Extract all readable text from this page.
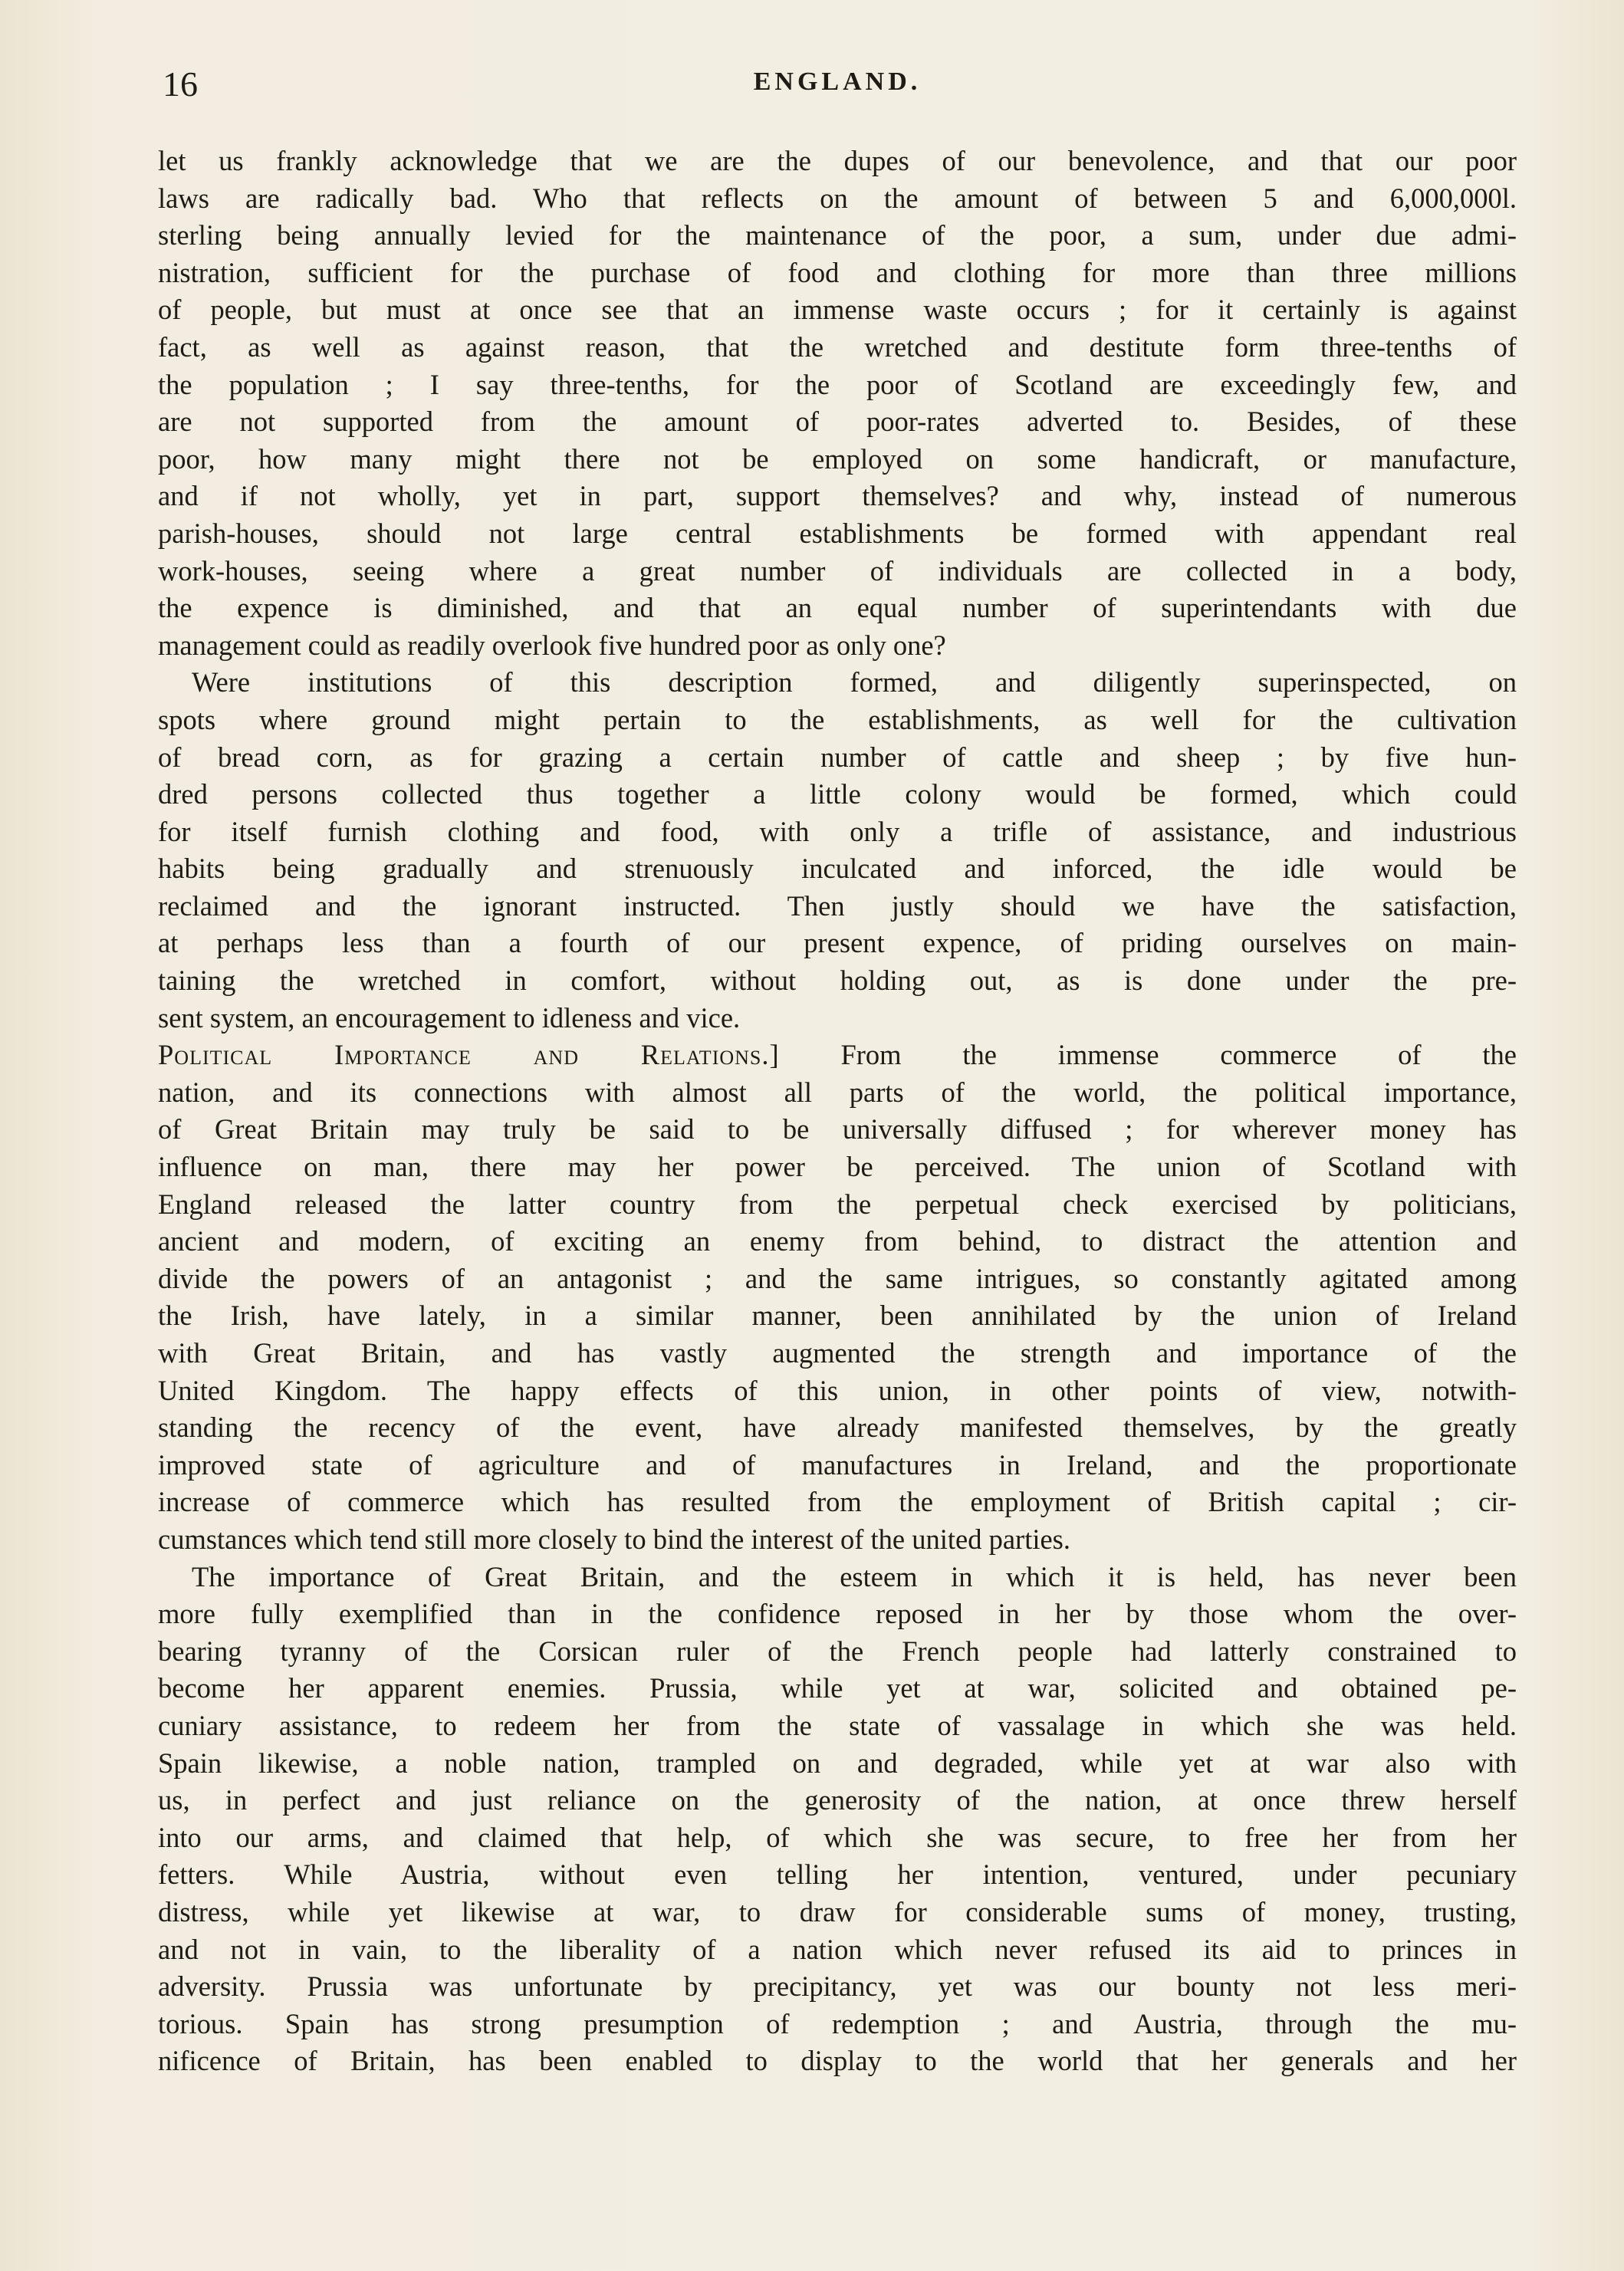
16	ENGLAND.
let us frankly acknowledge that we are the dupes of our benevolence, and that our poor
laws are radically bad. Who that reflects on the amount of between 5 and 6,000,000l.
sterling being annually levied for the maintenance of the poor, a sum, under due admi-
nistration, sufficient for the purchase of food and clothing for more than three millions
of people, but must at once see that an immense waste occurs ; for it certainly is against
fact, as well as against reason, that the wretched and destitute form three-tenths of
the population ; I say three-tenths, for the poor of Scotland are exceedingly few, and
are not supported from the amount of poor-rates adverted to. Besides, of these
poor, how many might there not be employed on some handicraft, or manufacture,
and if not wholly, yet in part, support themselves? and why, instead of numerous
parish-houses, should not large central establishments be formed with appendant real
work-houses, seeing where a great number of individuals are collected in a body,
the expence is diminished, and that an equal number of superintendants with due
management could as readily overlook five hundred poor as only one?
Were institutions of this description formed, and diligently superinspected, on
spots where ground might pertain to the establishments, as well for the cultivation
of bread corn, as for grazing a certain number of cattle and sheep ; by five hun-
dred persons collected thus together a little colony would be formed, which could
for itself furnish clothing and food, with only a trifle of assistance, and industrious
habits being gradually and strenuously inculcated and inforced, the idle would be
reclaimed and the ignorant instructed. Then justly should we have the satisfaction,
at perhaps less than a fourth of our present expence, of priding ourselves on main-
taining the wretched in comfort, without holding out, as is done under the pre-
sent system, an encouragement to idleness and vice.
Political Importance and Relations.] From the immense commerce of the
nation, and its connections with almost all parts of the world, the political importance,
of Great Britain may truly be said to be universally diffused ; for wherever money has
influence on man, there may her power be perceived. The union of Scotland with
England released the latter country from the perpetual check exercised by politicians,
ancient and modern, of exciting an enemy from behind, to distract the attention and
divide the powers of an antagonist ; and the same intrigues, so constantly agitated among
the Irish, have lately, in a similar manner, been annihilated by the union of Ireland
with Great Britain, and has vastly augmented the strength and importance of the
United Kingdom. The happy effects of this union, in other points of view, notwith-
standing the recency of the event, have already manifested themselves, by the greatly
improved state of agriculture and of manufactures in Ireland, and the proportionate
increase of commerce which has resulted from the employment of British capital ; cir-
cumstances which tend still more closely to bind the interest of the united parties.
The importance of Great Britain, and the esteem in which it is held, has never been
more fully exemplified than in the confidence reposed in her by those whom the over-
bearing tyranny of the Corsican ruler of the French people had latterly constrained to
become her apparent enemies. Prussia, while yet at war, solicited and obtained pe-
cuniary assistance, to redeem her from the state of vassalage in which she was held.
Spain likewise, a noble nation, trampled on and degraded, while yet at war also with
us, in perfect and just reliance on the generosity of the nation, at once threw herself
into our arms, and claimed that help, of which she was secure, to free her from her
fetters. While Austria, without even telling her intention, ventured, under pecuniary
distress, while yet likewise at war, to draw for considerable sums of money, trusting,
and not in vain, to the liberality of a nation which never refused its aid to princes in
adversity. Prussia was unfortunate by precipitancy, yet was our bounty not less meri-
torious. Spain has strong presumption of redemption ; and Austria, through the mu-
nificence of Britain, has been enabled to display to the world that her generals and her
